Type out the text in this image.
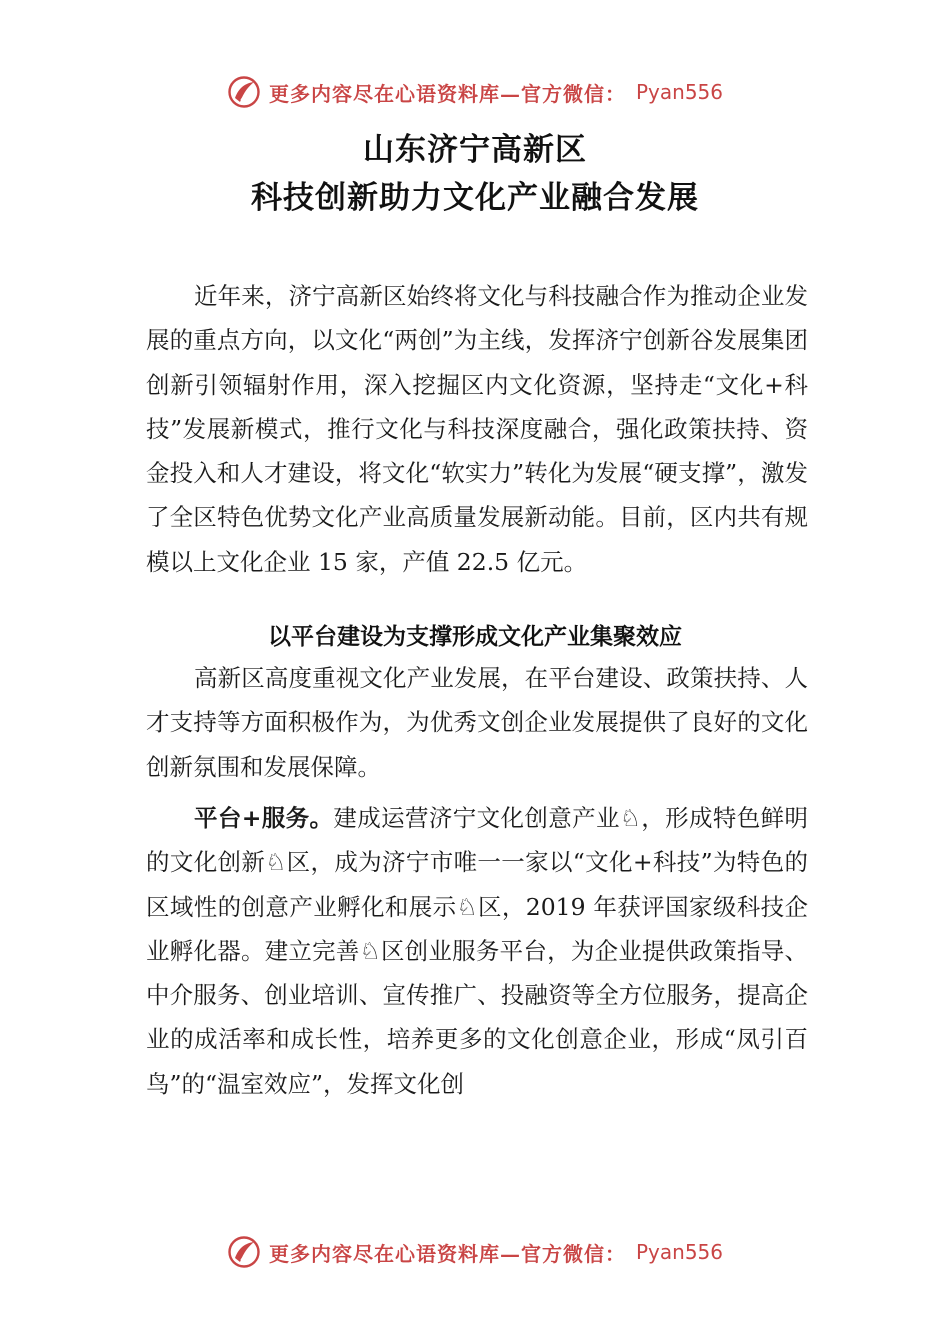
更多内容尽在心语资料库—官方微信： Pyan556
山东济宁高新区
科技创新助力文化产业融合发展

近年来，济宁高新区始终将文化与科技融合作为推动企业发展的重点方向，以文化“两创”为主线，发挥济宁创新谷发展集团创新引领辐射作用，深入挖掘区内文化资源，坚持走“文化+科技”发展新模式，推行文化与科技深度融合，强化政策扶持、资金投入和人才建设，将文化“软实力”转化为发展“硬支撑”，激发了全区特色优势文化产业高质量发展新动能。目前，区内共有规模以上文化企业 15 家，产值 22.5 亿元。

以平台建设为支撑形成文化产业集聚效应

高新区高度重视文化产业发展，在平台建设、政策扶持、人才支持等方面积极作为，为优秀文创企业发展提供了良好的文化创新氛围和发展保障。

平台+服务。建成运营济宁文化创意产业♘，形成特色鲜明的文化创新♘区，成为济宁市唯一一家以“文化+科技”为特色的区域性的创意产业孵化和展示♘区，2019 年获评国家级科技企业孵化器。建立完善♘区创业服务平台，为企业提供政策指导、中介服务、创业培训、宣传推广、投融资等全方位服务，提高企业的成活率和成长性，培养更多的文化创意企业，形成“凤引百鸟”的“温室效应”，发挥文化创

更多内容尽在心语资料库—官方微信： Pyan556
